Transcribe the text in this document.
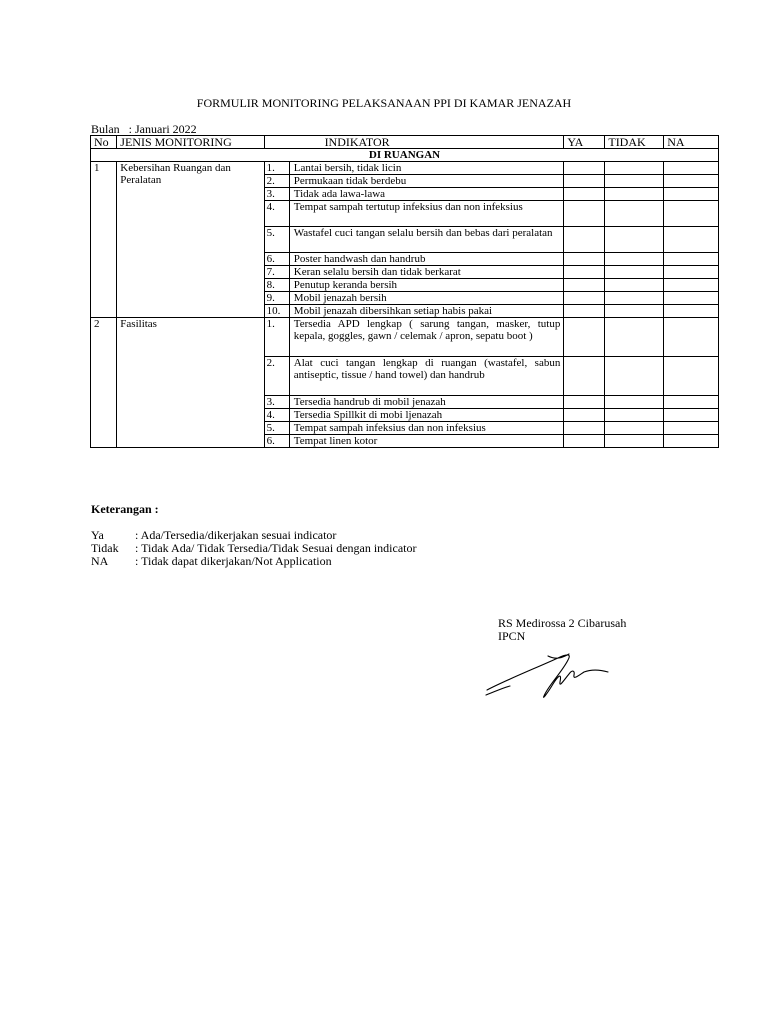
FORMULIR MONITORING PELAKSANAAN PPI DI KAMAR JENAZAH
Bulan : Januari 2022
No	JENIS MONITORING	INDIKATOR		YA	TIDAK	NA
DI RUANGAN						
1	Kebersihan Ruangan dan Peralatan	1.	Lantai bersih, tidak licin			
		2.	Permukaan tidak berdebu			
		3.	Tidak ada lawa-lawa			
		4.	Tempat sampah tertutup infeksius dan non infeksius			
		5.	Wastafel cuci tangan selalu bersih dan bebas dari peralatan			
		6.	Poster handwash dan handrub			
		7.	Keran selalu bersih dan tidak berkarat			
		8.	Penutup keranda bersih			
		9.	Mobil jenazah bersih			
		10.	Mobil jenazah dibersihkan setiap habis pakai			
2	Fasilitas	1.	Tersedia APD lengkap ( sarung tangan, masker, tutup kepala, goggles, gawn / celemak / apron, sepatu boot )			
		2.	Alat cuci tangan lengkap di ruangan (wastafel, sabun antiseptic, tissue / hand towel) dan handrub			
		3.	Tersedia handrub di mobil jenazah			
		4.	Tersedia Spillkit di mobi ljenazah			
		5.	Tempat sampah infeksius dan non infeksius			
		6.	Tempat linen kotor			
Keterangan :
Ya	: Ada/Tersedia/dikerjakan sesuai indicator
Tidak : Tidak Ada/ Tidak Tersedia/Tidak Sesuai dengan indicator
NA : Tidak dapat dikerjakan/Not Application
RS Medirossa 2 Cibarusah
IPCN
